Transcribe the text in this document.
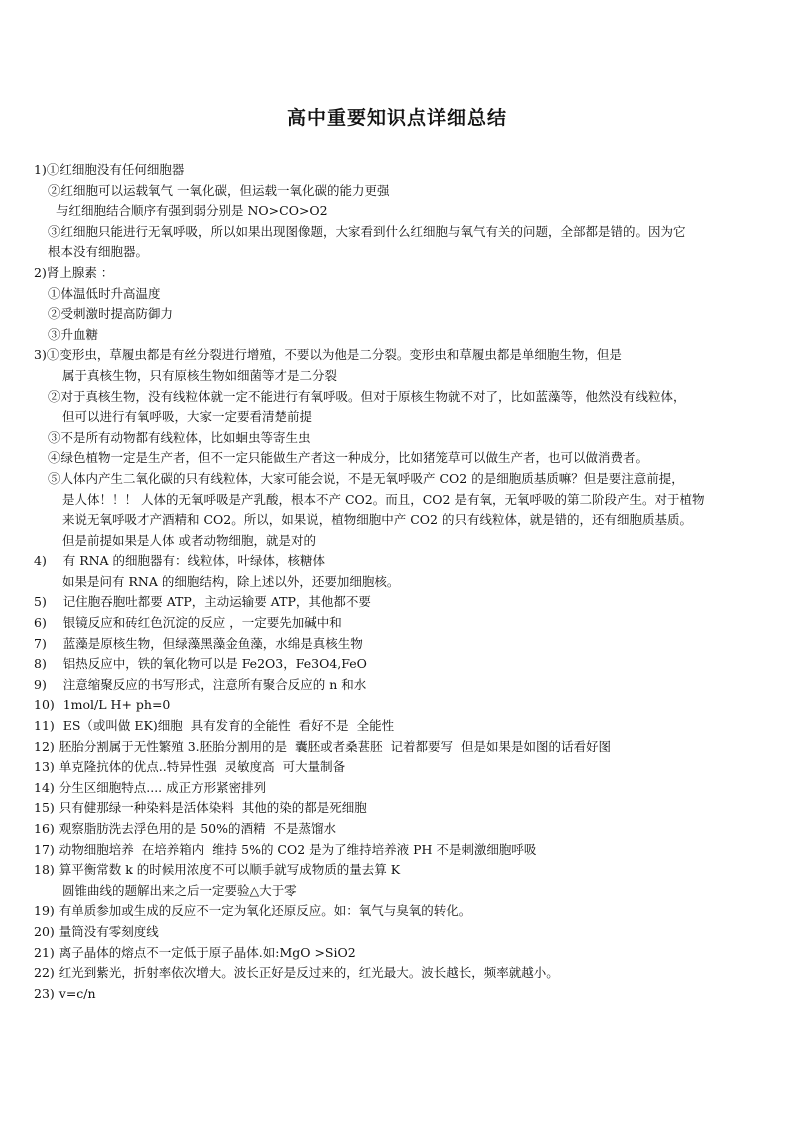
高中重要知识点详细总结
1)①红细胞没有任何细胞器
②红细胞可以运载氧气 一氧化碳，但运载一氧化碳的能力更强
与红细胞结合顺序有强到弱分别是 NO>CO>O2
③红细胞只能进行无氧呼吸，所以如果出现图像题，大家看到什么红细胞与氧气有关的问题，全部都是错的。因为它
根本没有细胞器。
2)肾上腺素 ：
①体温低时升高温度
②受刺激时提高防御力
③升血糖
3)①变形虫，草履虫都是有丝分裂进行增殖，不要以为他是二分裂。变形虫和草履虫都是单细胞生物，但是
属于真核生物，只有原核生物如细菌等才是二分裂
②对于真核生物，没有线粒体就一定不能进行有氧呼吸。但对于原核生物就不对了，比如蓝藻等，他然没有线粒体，
但可以进行有氧呼吸，大家一定要看清楚前提
③不是所有动物都有线粒体，比如蛔虫等寄生虫
④绿色植物一定是生产者，但不一定只能做生产者这一种成分，比如猪笼草可以做生产者，也可以做消费者。
⑤人体内产生二氧化碳的只有线粒体，大家可能会说，不是无氧呼吸产 CO2 的是细胞质基质嘛？但是要注意前提，
是人体！！！ 人体的无氧呼吸是产乳酸，根本不产 CO2。而且，CO2 是有氧，无氧呼吸的第二阶段产生。对于植物
来说无氧呼吸才产酒精和 CO2。所以，如果说，植物细胞中产 CO2 的只有线粒体，就是错的，还有细胞质基质。
但是前提如果是人体 或者动物细胞，就是对的
4)    有 RNA 的细胞器有：线粒体，叶绿体，核糖体
如果是问有 RNA 的细胞结构，除上述以外，还要加细胞核。
5)    记住胞吞胞吐都要 ATP，主动运输要 ATP，其他都不要
6)    银镜反应和砖红色沉淀的反应 ，一定要先加碱中和
7)    蓝藻是原核生物，但绿藻黑藻金鱼藻，水绵是真核生物
8)    铝热反应中，铁的氧化物可以是 Fe2O3，Fe3O4,FeO
9)    注意缩聚反应的书写形式，注意所有聚合反应的 n 和水
10)  1mol/L H+ ph=0
11)  ES（或叫做 EK)细胞  具有发育的全能性  看好不是  全能性
12) 胚胎分割属于无性繁殖 3.胚胎分割用的是  囊胚或者桑葚胚  记着都要写  但是如果是如图的话看好图
13) 单克隆抗体的优点..特异性强  灵敏度高  可大量制备
14) 分生区细胞特点.... 成正方形紧密排列
15) 只有健那绿一种染料是活体染料  其他的染的都是死细胞
16) 观察脂肪洗去浮色用的是 50%的酒精  不是蒸馏水
17) 动物细胞培养  在培养箱内  维持 5%的 CO2 是为了维持培养液 PH 不是刺激细胞呼吸
18) 算平衡常数 k 的时候用浓度不可以顺手就写成物质的量去算 K
圆锥曲线的题解出来之后一定要验△大于零
19) 有单质参加或生成的反应不一定为氧化还原反应。如：氧气与臭氧的转化。
20) 量筒没有零刻度线
21) 离子晶体的熔点不一定低于原子晶体.如:MgO >SiO2
22) 红光到紫光，折射率依次增大。波长正好是反过来的，红光最大。波长越长，频率就越小。
23) v=c/n
